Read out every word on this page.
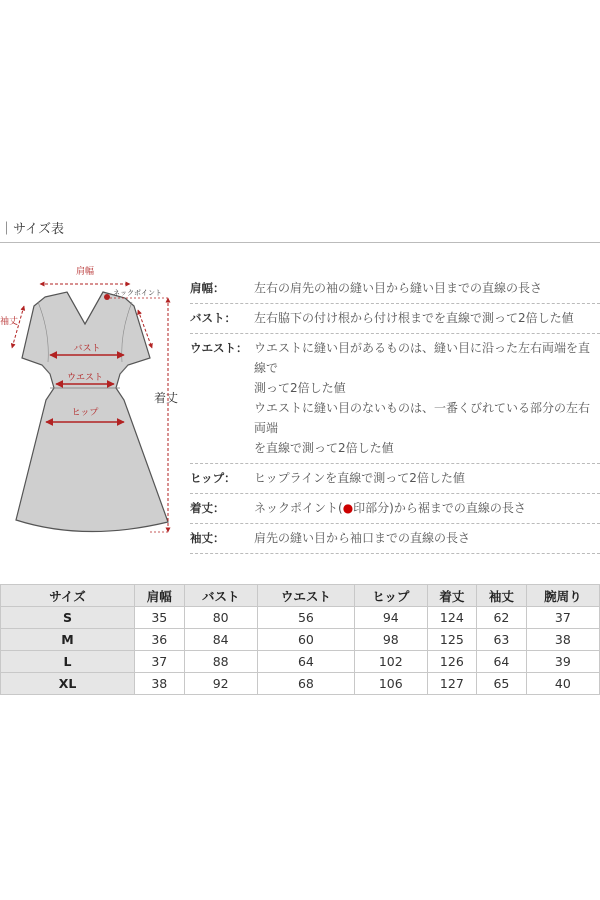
｜サイズ表
肩幅
ネックポイント
袖丈
バスト
ウエスト
ヒップ
着丈
肩幅：	左右の肩先の袖の縫い目から縫い目までの直線の長さ
バスト：	左右脇下の付け根から付け根までを直線で測って2倍した値
ウエスト： ウエストに縫い目があるものは、縫い目に沿った左右両端を直線で
測って2倍した値
ウエストに縫い目のないものは、一番くびれている部分の左右両端
を直線で測って2倍した値
ヒップ：	ヒップラインを直線で測って2倍した値
着丈：	ネックポイント(●印部分)から裾までの直線の長さ
袖丈：	肩先の縫い目から袖口までの直線の長さ
サイズ	肩幅	バスト	ウエスト	ヒップ	着丈	袖丈	腕周り
S	35	80	56	94	124	62	37
M	36	84	60	98	125	63	38
L	37	88	64	102	126	64	39
XL	38	92	68	106	127	65	40
